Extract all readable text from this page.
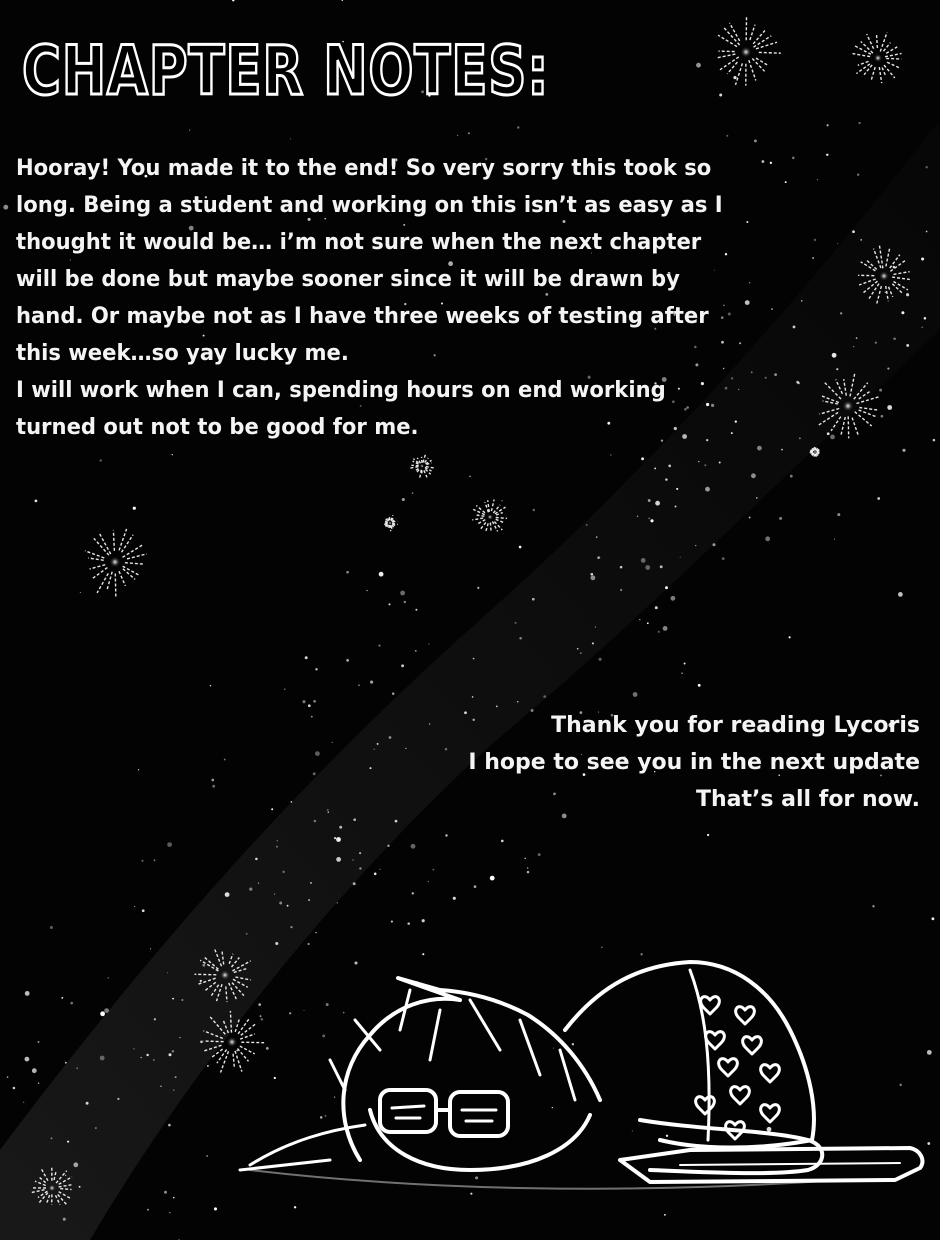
CHAPTER NOTES:
Hooray! You made it to the end! So very sorry this took so
long. Being a student and working on this isn’t as easy as I
thought it would be… i’m not sure when the next chapter
will be done but maybe sooner since it will be drawn by
hand. Or maybe not as I have three weeks of testing after
this week…so yay lucky me.
I will work when I can, spending hours on end working
turned out not to be good for me.
Thank you for reading Lycoris
I hope to see you in the next update
That’s all for now.
